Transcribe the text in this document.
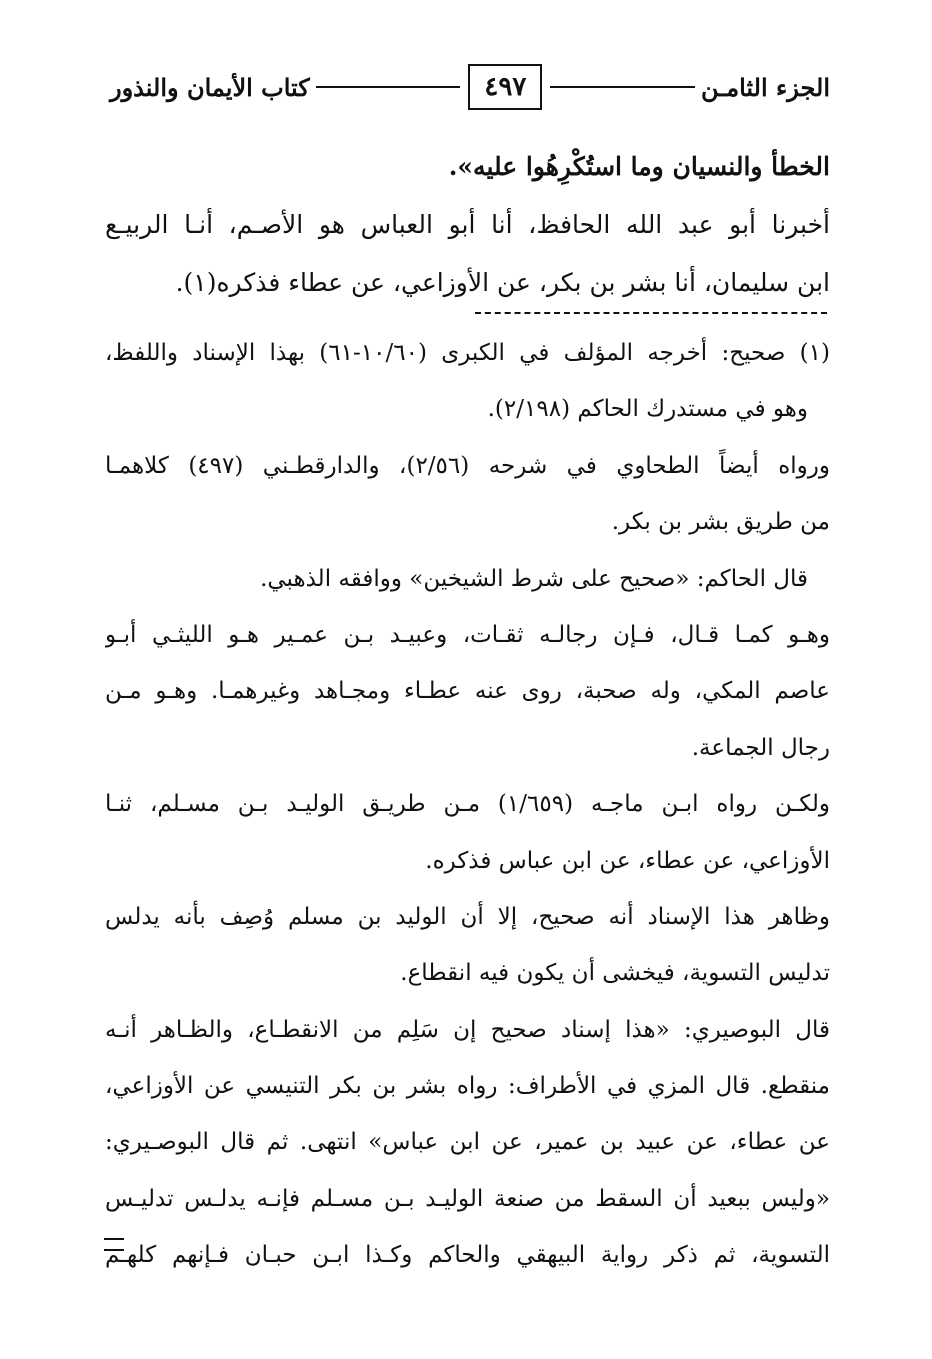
الجزء الثامـن
٤٩٧
كتاب الأيمان والنذور
الخطأ والنسيان وما استُكْرِهُوا عليه».
أخبرنا أبو عبد الله الحافظ، أنا أبو العباس هو الأصـم، أنـا الربيـع
ابن سليمان، أنا بشر بن بكر، عن الأوزاعي، عن عطاء فذكره(١).
(١) صحيح: أخرجه المؤلف في الكبرى (١٠/٦٠-٦١) بهذا الإسناد واللفظ،
وهو في مستدرك الحاكم (٢/١٩٨).
ورواه أيضاً الطحاوي في شرحه (٢/٥٦)، والدارقطـني (٤٩٧) كلاهمـا
من طريق بشر بن بكر.
قال الحاكم: «صحيح على شرط الشيخين» ووافقه الذهبي.
وهـو كمـا قـال، فـإن رجالـه ثقـات، وعبيـد بـن عمـير هـو الليثـي أبـو
عاصم المكي، وله صحبة، روى عنه عطـاء ومجـاهد وغيرهمـا. وهـو مـن
رجال الجماعة.
ولكـن رواه ابـن ماجـه (١/٦٥٩) مـن طريـق الوليـد بـن مسـلم، ثنـا
الأوزاعي، عن عطاء، عن ابن عباس فذكره.
وظاهر هذا الإسناد أنه صحيح، إلا أن الوليد بن مسلم وُصِف بأنه يدلس
تدليس التسوية، فيخشى أن يكون فيه انقطاع.
قال البوصيري: «هذا إسناد صحيح إن سَلِم من الانقطـاع، والظـاهر أنـه
منقطع. قال المزي في الأطراف: رواه بشر بن بكر التنيسي عن الأوزاعي،
عن عطاء، عن عبيد بن عمير، عن ابن عباس» انتهى. ثم قال البوصـيري:
«وليس ببعيد أن السقط من صنعة الوليـد بـن مسـلم فإنـه يدلـس تدليـس
التسوية، ثم ذكر رواية البيهقي والحاكم وكـذا ابـن حبـان فـإنهم كلهـم
